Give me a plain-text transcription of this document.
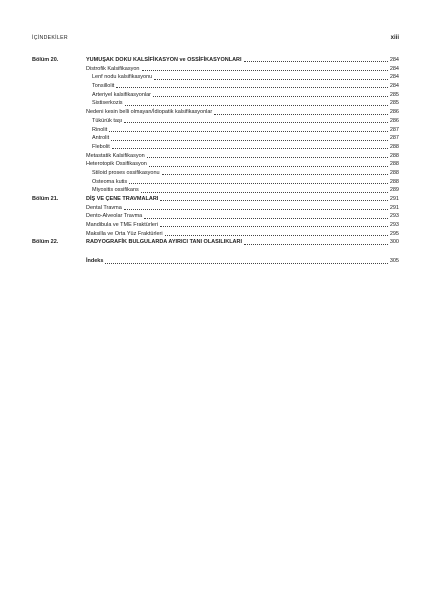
İÇİNDEKİLER	xiii
Bölüm 20.	YUMUŞAK DOKU KALSİFİKASYON ve OSSİFİKASYONLARI	284
Distrofik Kalsifikasyon	284
Lenf nodu kalsifikasyonu	284
Tonsillolit	284
Arteriyel kalsifikasyonlar	285
Sistiserkozis	285
Nedeni kesin belli olmayan/İdiopatik kalsifikasyonlar	286
Tükürük taşı	286
Rinolit	287
Antrolit	287
Flebolit	288
Metastatik Kalsifikasyon	288
Heterotopik Ossifikasyon	288
Stiloid proses ossifikasyonu	288
Osteoma kutis	288
Miyositis ossifikans	289
Bölüm 21.	DİŞ VE ÇENE TRAVMALARI	291
Dental Travma	291
Dento-Alveolar Travma	293
Mandibula ve TME Fraktürleri	293
Maksilla ve Orta Yüz Fraktürleri	295
Bölüm 22.	RADYOGRAFİK BULGULARDA AYIRICI TANI OLASILIKLARI	300
İndeks	305
